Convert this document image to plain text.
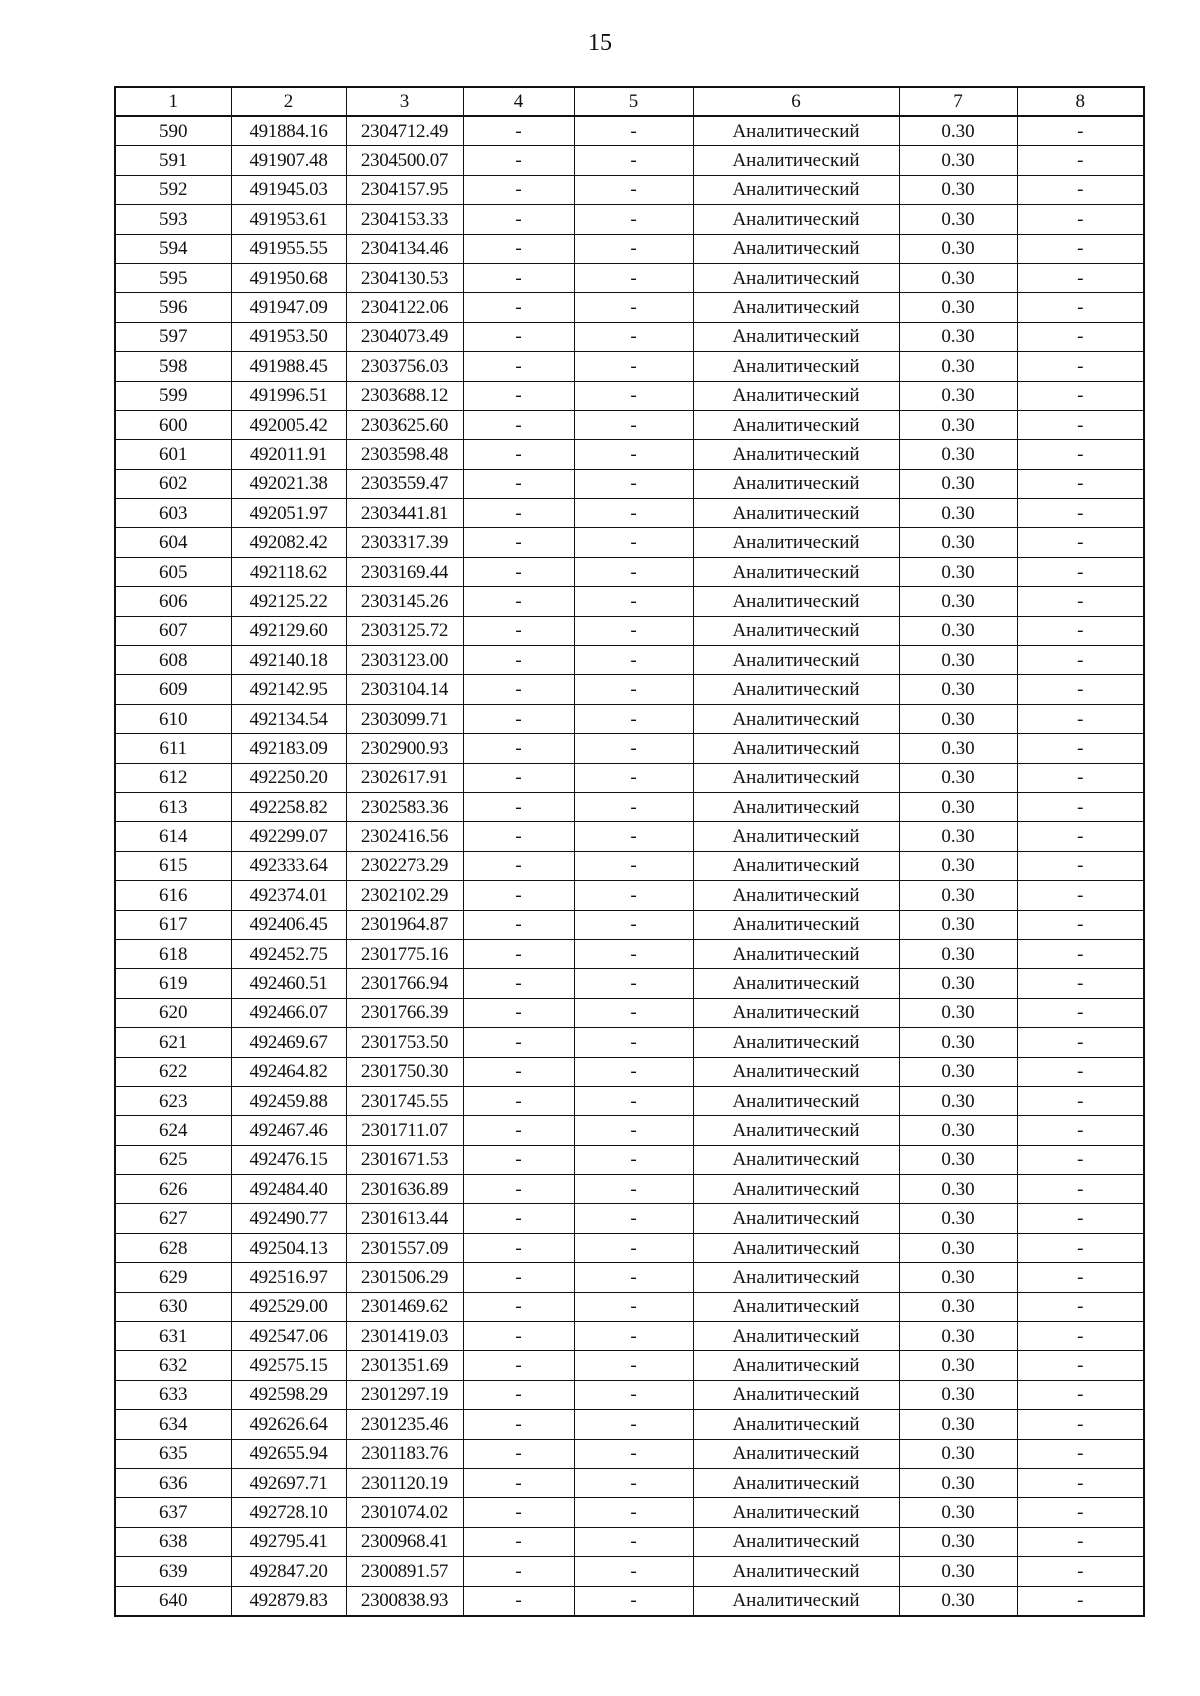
15
1	2	3	4	5	6	7	8
590	491884.16	2304712.49	-	-	Аналитический	0.30	-
591	491907.48	2304500.07	-	-	Аналитический	0.30	-
592	491945.03	2304157.95	-	-	Аналитический	0.30	-
593	491953.61	2304153.33	-	-	Аналитический	0.30	-
594	491955.55	2304134.46	-	-	Аналитический	0.30	-
595	491950.68	2304130.53	-	-	Аналитический	0.30	-
596	491947.09	2304122.06	-	-	Аналитический	0.30	-
597	491953.50	2304073.49	-	-	Аналитический	0.30	-
598	491988.45	2303756.03	-	-	Аналитический	0.30	-
599	491996.51	2303688.12	-	-	Аналитический	0.30	-
600	492005.42	2303625.60	-	-	Аналитический	0.30	-
601	492011.91	2303598.48	-	-	Аналитический	0.30	-
602	492021.38	2303559.47	-	-	Аналитический	0.30	-
603	492051.97	2303441.81	-	-	Аналитический	0.30	-
604	492082.42	2303317.39	-	-	Аналитический	0.30	-
605	492118.62	2303169.44	-	-	Аналитический	0.30	-
606	492125.22	2303145.26	-	-	Аналитический	0.30	-
607	492129.60	2303125.72	-	-	Аналитический	0.30	-
608	492140.18	2303123.00	-	-	Аналитический	0.30	-
609	492142.95	2303104.14	-	-	Аналитический	0.30	-
610	492134.54	2303099.71	-	-	Аналитический	0.30	-
611	492183.09	2302900.93	-	-	Аналитический	0.30	-
612	492250.20	2302617.91	-	-	Аналитический	0.30	-
613	492258.82	2302583.36	-	-	Аналитический	0.30	-
614	492299.07	2302416.56	-	-	Аналитический	0.30	-
615	492333.64	2302273.29	-	-	Аналитический	0.30	-
616	492374.01	2302102.29	-	-	Аналитический	0.30	-
617	492406.45	2301964.87	-	-	Аналитический	0.30	-
618	492452.75	2301775.16	-	-	Аналитический	0.30	-
619	492460.51	2301766.94	-	-	Аналитический	0.30	-
620	492466.07	2301766.39	-	-	Аналитический	0.30	-
621	492469.67	2301753.50	-	-	Аналитический	0.30	-
622	492464.82	2301750.30	-	-	Аналитический	0.30	-
623	492459.88	2301745.55	-	-	Аналитический	0.30	-
624	492467.46	2301711.07	-	-	Аналитический	0.30	-
625	492476.15	2301671.53	-	-	Аналитический	0.30	-
626	492484.40	2301636.89	-	-	Аналитический	0.30	-
627	492490.77	2301613.44	-	-	Аналитический	0.30	-
628	492504.13	2301557.09	-	-	Аналитический	0.30	-
629	492516.97	2301506.29	-	-	Аналитический	0.30	-
630	492529.00	2301469.62	-	-	Аналитический	0.30	-
631	492547.06	2301419.03	-	-	Аналитический	0.30	-
632	492575.15	2301351.69	-	-	Аналитический	0.30	-
633	492598.29	2301297.19	-	-	Аналитический	0.30	-
634	492626.64	2301235.46	-	-	Аналитический	0.30	-
635	492655.94	2301183.76	-	-	Аналитический	0.30	-
636	492697.71	2301120.19	-	-	Аналитический	0.30	-
637	492728.10	2301074.02	-	-	Аналитический	0.30	-
638	492795.41	2300968.41	-	-	Аналитический	0.30	-
639	492847.20	2300891.57	-	-	Аналитический	0.30	-
640	492879.83	2300838.93	-	-	Аналитический	0.30	-
